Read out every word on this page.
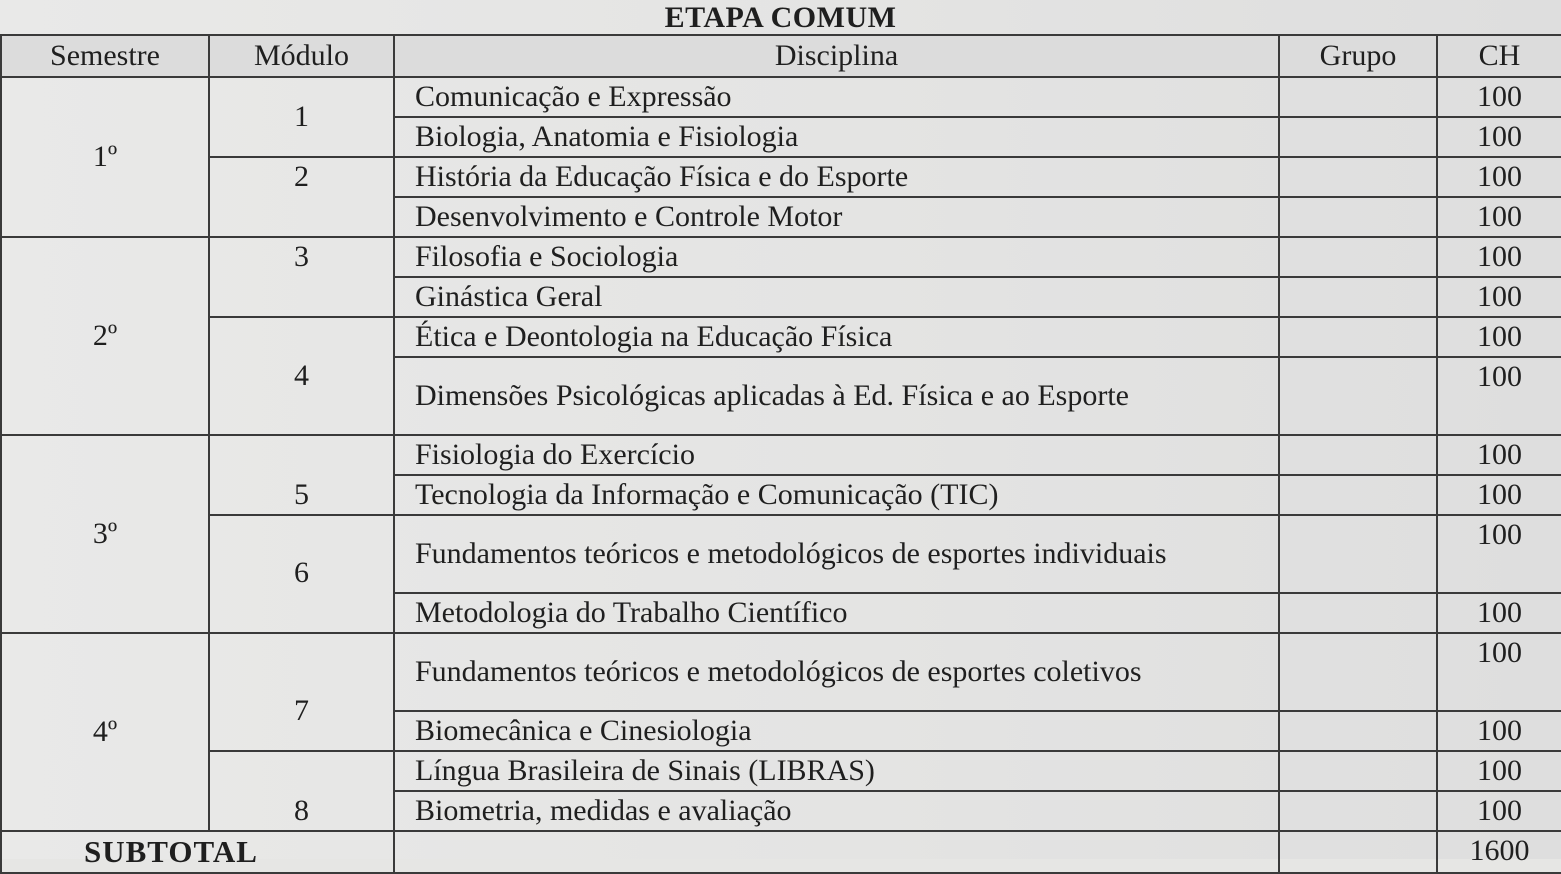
ETAPA COMUM
Semestre	Módulo	Disciplina	Grupo	CH
1º	1	Comunicação e Expressão		100
		Biologia, Anatomia e Fisiologia		100
	2	História da Educação Física e do Esporte		100
		Desenvolvimento e Controle Motor		100
2º	3	Filosofia e Sociologia		100
		Ginástica Geral		100
	4	Ética e Deontologia na Educação Física		100
		Dimensões Psicológicas aplicadas à Ed. Física e ao Esporte		100
3º	5	Fisiologia do Exercício		100
		Tecnologia da Informação e Comunicação (TIC)		100
	6	Fundamentos teóricos e metodológicos de esportes individuais		100
		Metodologia do Trabalho Científico		100
4º	7	Fundamentos teóricos e metodológicos de esportes coletivos		100
		Biomecânica e Cinesiologia		100
	8	Língua Brasileira de Sinais (LIBRAS)		100
		Biometria, medidas e avaliação		100
SUBTOTAL				1600
